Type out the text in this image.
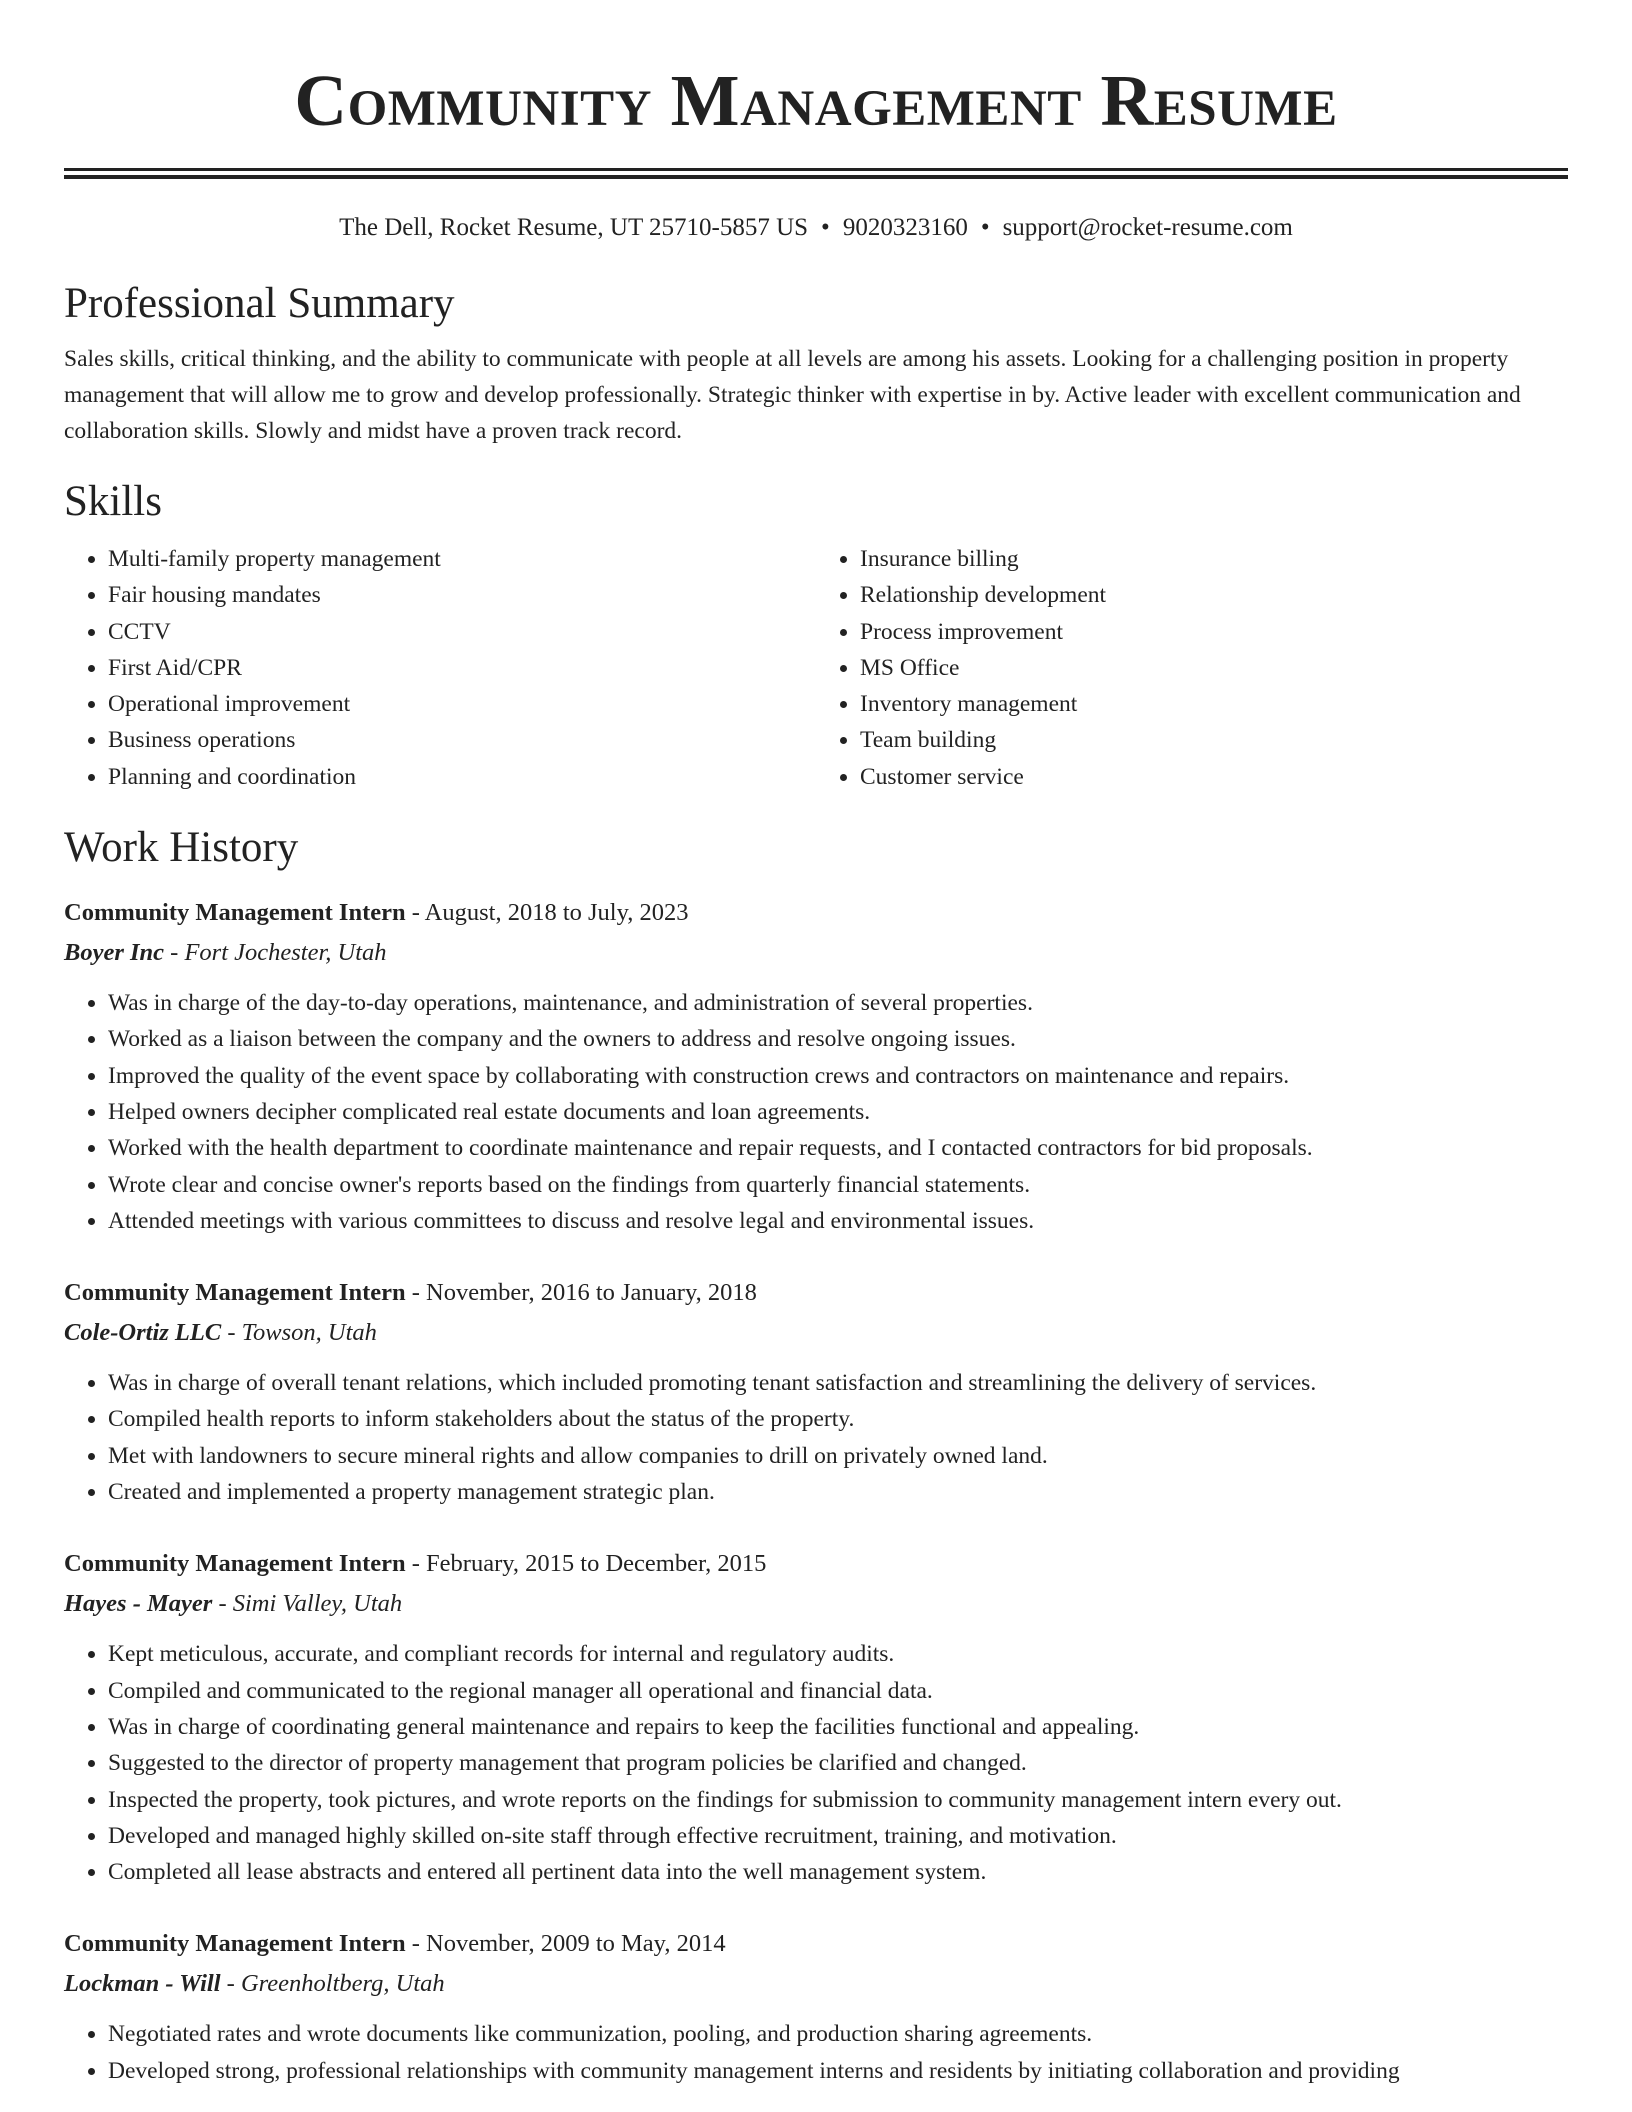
Community Management Resume
The Dell, Rocket Resume, UT 25710-5857 US • 9020323160 • support@rocket-resume.com
Professional Summary

Sales skills, critical thinking, and the ability to communicate with people at all levels are among his assets. Looking for a challenging position in property management that will allow me to grow and develop professionally. Strategic thinker with expertise in by. Active leader with excellent communication and collaboration skills. Slowly and midst have a proven track record.

Skills
• Multi-family property management
• Fair housing mandates
• CCTV
• First Aid/CPR
• Operational improvement
• Business operations
• Planning and coordination
• Insurance billing
• Relationship development
• Process improvement
• MS Office
• Inventory management
• Team building
• Customer service
Work History
Community Management Intern - August, 2018 to July, 2023
Boyer Inc - Fort Jochester, Utah
• Was in charge of the day-to-day operations, maintenance, and administration of several properties.
• Worked as a liaison between the company and the owners to address and resolve ongoing issues.
• Improved the quality of the event space by collaborating with construction crews and contractors on maintenance and repairs.
• Helped owners decipher complicated real estate documents and loan agreements.
• Worked with the health department to coordinate maintenance and repair requests, and I contacted contractors for bid proposals.
• Wrote clear and concise owner's reports based on the findings from quarterly financial statements.
• Attended meetings with various committees to discuss and resolve legal and environmental issues.
Community Management Intern - November, 2016 to January, 2018
Cole-Ortiz LLC - Towson, Utah
• Was in charge of overall tenant relations, which included promoting tenant satisfaction and streamlining the delivery of services.
• Compiled health reports to inform stakeholders about the status of the property.
• Met with landowners to secure mineral rights and allow companies to drill on privately owned land.
• Created and implemented a property management strategic plan.
Community Management Intern - February, 2015 to December, 2015
Hayes - Mayer - Simi Valley, Utah
• Kept meticulous, accurate, and compliant records for internal and regulatory audits.
• Compiled and communicated to the regional manager all operational and financial data.
• Was in charge of coordinating general maintenance and repairs to keep the facilities functional and appealing.
• Suggested to the director of property management that program policies be clarified and changed.
• Inspected the property, took pictures, and wrote reports on the findings for submission to community management intern every out.
• Developed and managed highly skilled on-site staff through effective recruitment, training, and motivation.
• Completed all lease abstracts and entered all pertinent data into the well management system.
Community Management Intern - November, 2009 to May, 2014
Lockman - Will - Greenholtberg, Utah
• Negotiated rates and wrote documents like communization, pooling, and production sharing agreements.
• Developed strong, professional relationships with community management interns and residents by initiating collaboration and providing
